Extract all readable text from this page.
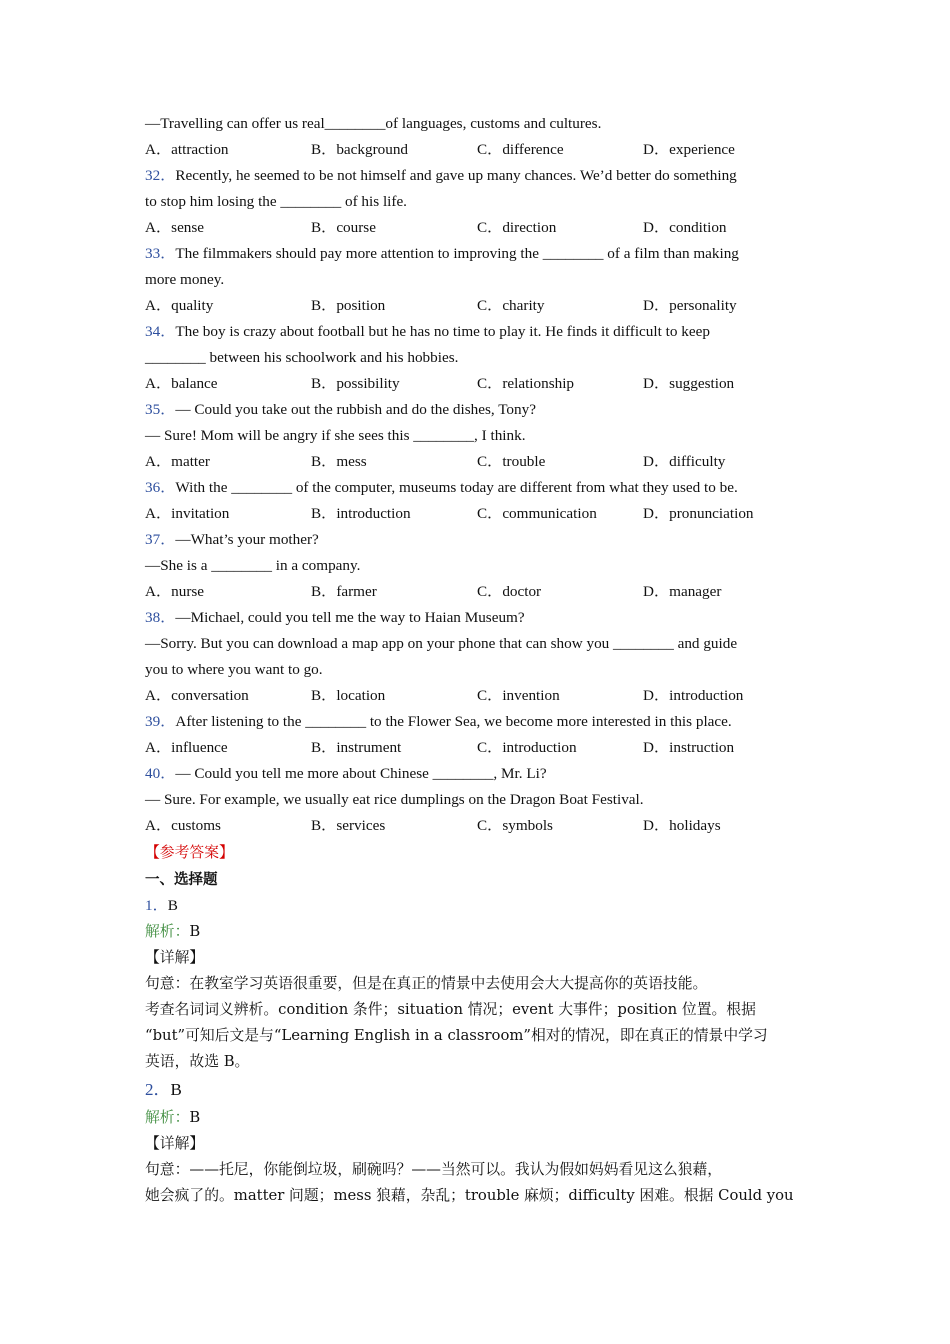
—Travelling can offer us real________of languages, customs and cultures.
A．attraction	B．background	C．difference	D．experience
32．Recently, he seemed to be not himself and gave up many chances. We’d better do something
to stop him losing the ________ of his life.
A．sense	B．course	C．direction	D．condition
33．The filmmakers should pay more attention to improving the ________ of a film than making
more money.
A．quality	B．position	C．charity	D．personality
34．The boy is crazy about football but he has no time to play it. He finds it difficult to keep
________ between his schoolwork and his hobbies.
A．balance	B．possibility	C．relationship	D．suggestion
35．— Could you take out the rubbish and do the dishes, Tony?
— Sure! Mom will be angry if she sees this ________, I think.
A．matter	B．mess	C．trouble	D．difficulty
36．With the ________ of the computer, museums today are different from what they used to be.
A．invitation	B．introduction	C．communication	D．pronunciation
37．—What’s your mother?
—She is a ________ in a company.
A．nurse	B．farmer	C．doctor	D．manager
38．—Michael, could you tell me the way to Haian Museum?
—Sorry. But you can download a map app on your phone that can show you ________ and guide
you to where you want to go.
A．conversation	B．location	C．invention	D．introduction
39．After listening to the ________ to the Flower Sea, we become more interested in this place.
A．influence	B．instrument	C．introduction	D．instruction
40．— Could you tell me more about Chinese ________, Mr. Li?
— Sure. For example, we usually eat rice dumplings on the Dragon Boat Festival.
A．customs	B．services	C．symbols	D．holidays
【参考答案】
一、选择题
1．B
解析：B
【详解】
句意：在教室学习英语很重要，但是在真正的情景中去使用会大大提高你的英语技能。
考查名词词义辨析。condition 条件；situation 情况；event 大事件；position 位置。根据
“but”可知后文是与“Learning English in a classroom”相对的情况，即在真正的情景中学习
英语，故选 B。
2．B
解析：B
【详解】
句意：——托尼，你能倒垃圾，刷碗吗？——当然可以。我认为假如妈妈看见这么狼藉，
她会疯了的。matter 问题；mess 狼藉，杂乱；trouble 麻烦；difficulty 困难。根据 Could you
